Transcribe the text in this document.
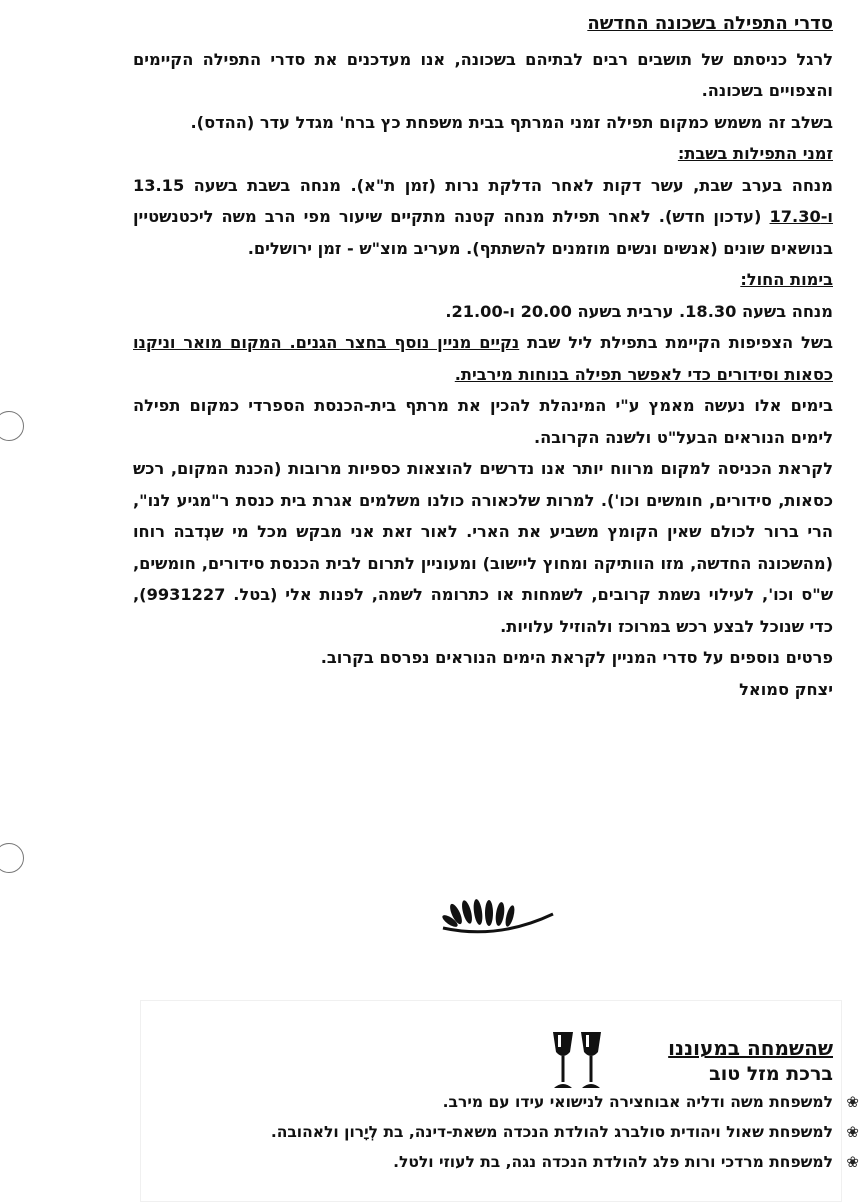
סדרי התפילה בשכונה החדשה

לרגל כניסתם של תושבים רבים לבתיהם בשכונה, אנו מעדכנים את סדרי התפילה הקיימים והצפויים בשכונה.

בשלב זה משמש כמקום תפילה זמני המרתף בבית משפחת כץ ברח' מגדל עדר (ההדס).

זמני התפילות בשבת:

מנחה בערב שבת, עשר דקות לאחר הדלקת נרות (זמן ת"א). מנחה בשבת בשעה 13.15 ו-17.30 (עדכון חדש). לאחר תפילת מנחה קטנה מתקיים שיעור מפי הרב משה ליכטנשטיין בנושאים שונים (אנשים ונשים מוזמנים להשתתף). מעריב מוצ"ש - זמן ירושלים.

בימות החול:

מנחה בשעה 18.30. ערבית בשעה 20.00 ו-21.00.

בשל הצפיפות הקיימת בתפילת ליל שבת נקיים מניין נוסף בחצר הגנים. המקום מואר וניקנו כסאות וסידורים כדי לאפשר תפילה בנוחות מירבית.

בימים אלו נעשה מאמץ ע"י המינהלת להכין את מרתף בית-הכנסת הספרדי כמקום תפילה לימים הנוראים הבעל"ט ולשנה הקרובה.

לקראת הכניסה למקום מרווח יותר אנו נדרשים להוצאות כספיות מרובות (הכנת המקום, רכש כסאות, סידורים, חומשים וכו'). למרות שלכאורה כולנו משלמים אגרת בית כנסת ר"מגיע לנו", הרי ברור לכולם שאין הקומץ משביע את הארי. לאור זאת אני מבקש מכל מי שנְדבה רוחו (מהשכונה החדשה, מזו הוותיקה ומחוץ ליישוב) ומעוניין לתרום לבית הכנסת סידורים, חומשים, ש"ס וכו', לעילוי נשמת קרובים, לשמחות או כתרומה לשמה, לפנות אלי (בטל. 9931227), כדי שנוכל לבצע רכש במרוכז ולהוזיל עלויות.

פרטים נוספים על סדרי המניין לקראת הימים הנוראים נפרסם בקרוב.

יצחק סמואל

שהשמחה במעוננו

ברכת מזל טוב

❀
למשפחת משה ודליה אבוחצירה לנישואי עידו עם מירב.
❀
למשפחת שאול ויהודית סולברג להולדת הנכדה משאת-דינה, בת לְיָרון ולאהובה.
❀
למשפחת מרדכי ורות פלג להולדת הנכדה נגה, בת לעוזי ולטל.
